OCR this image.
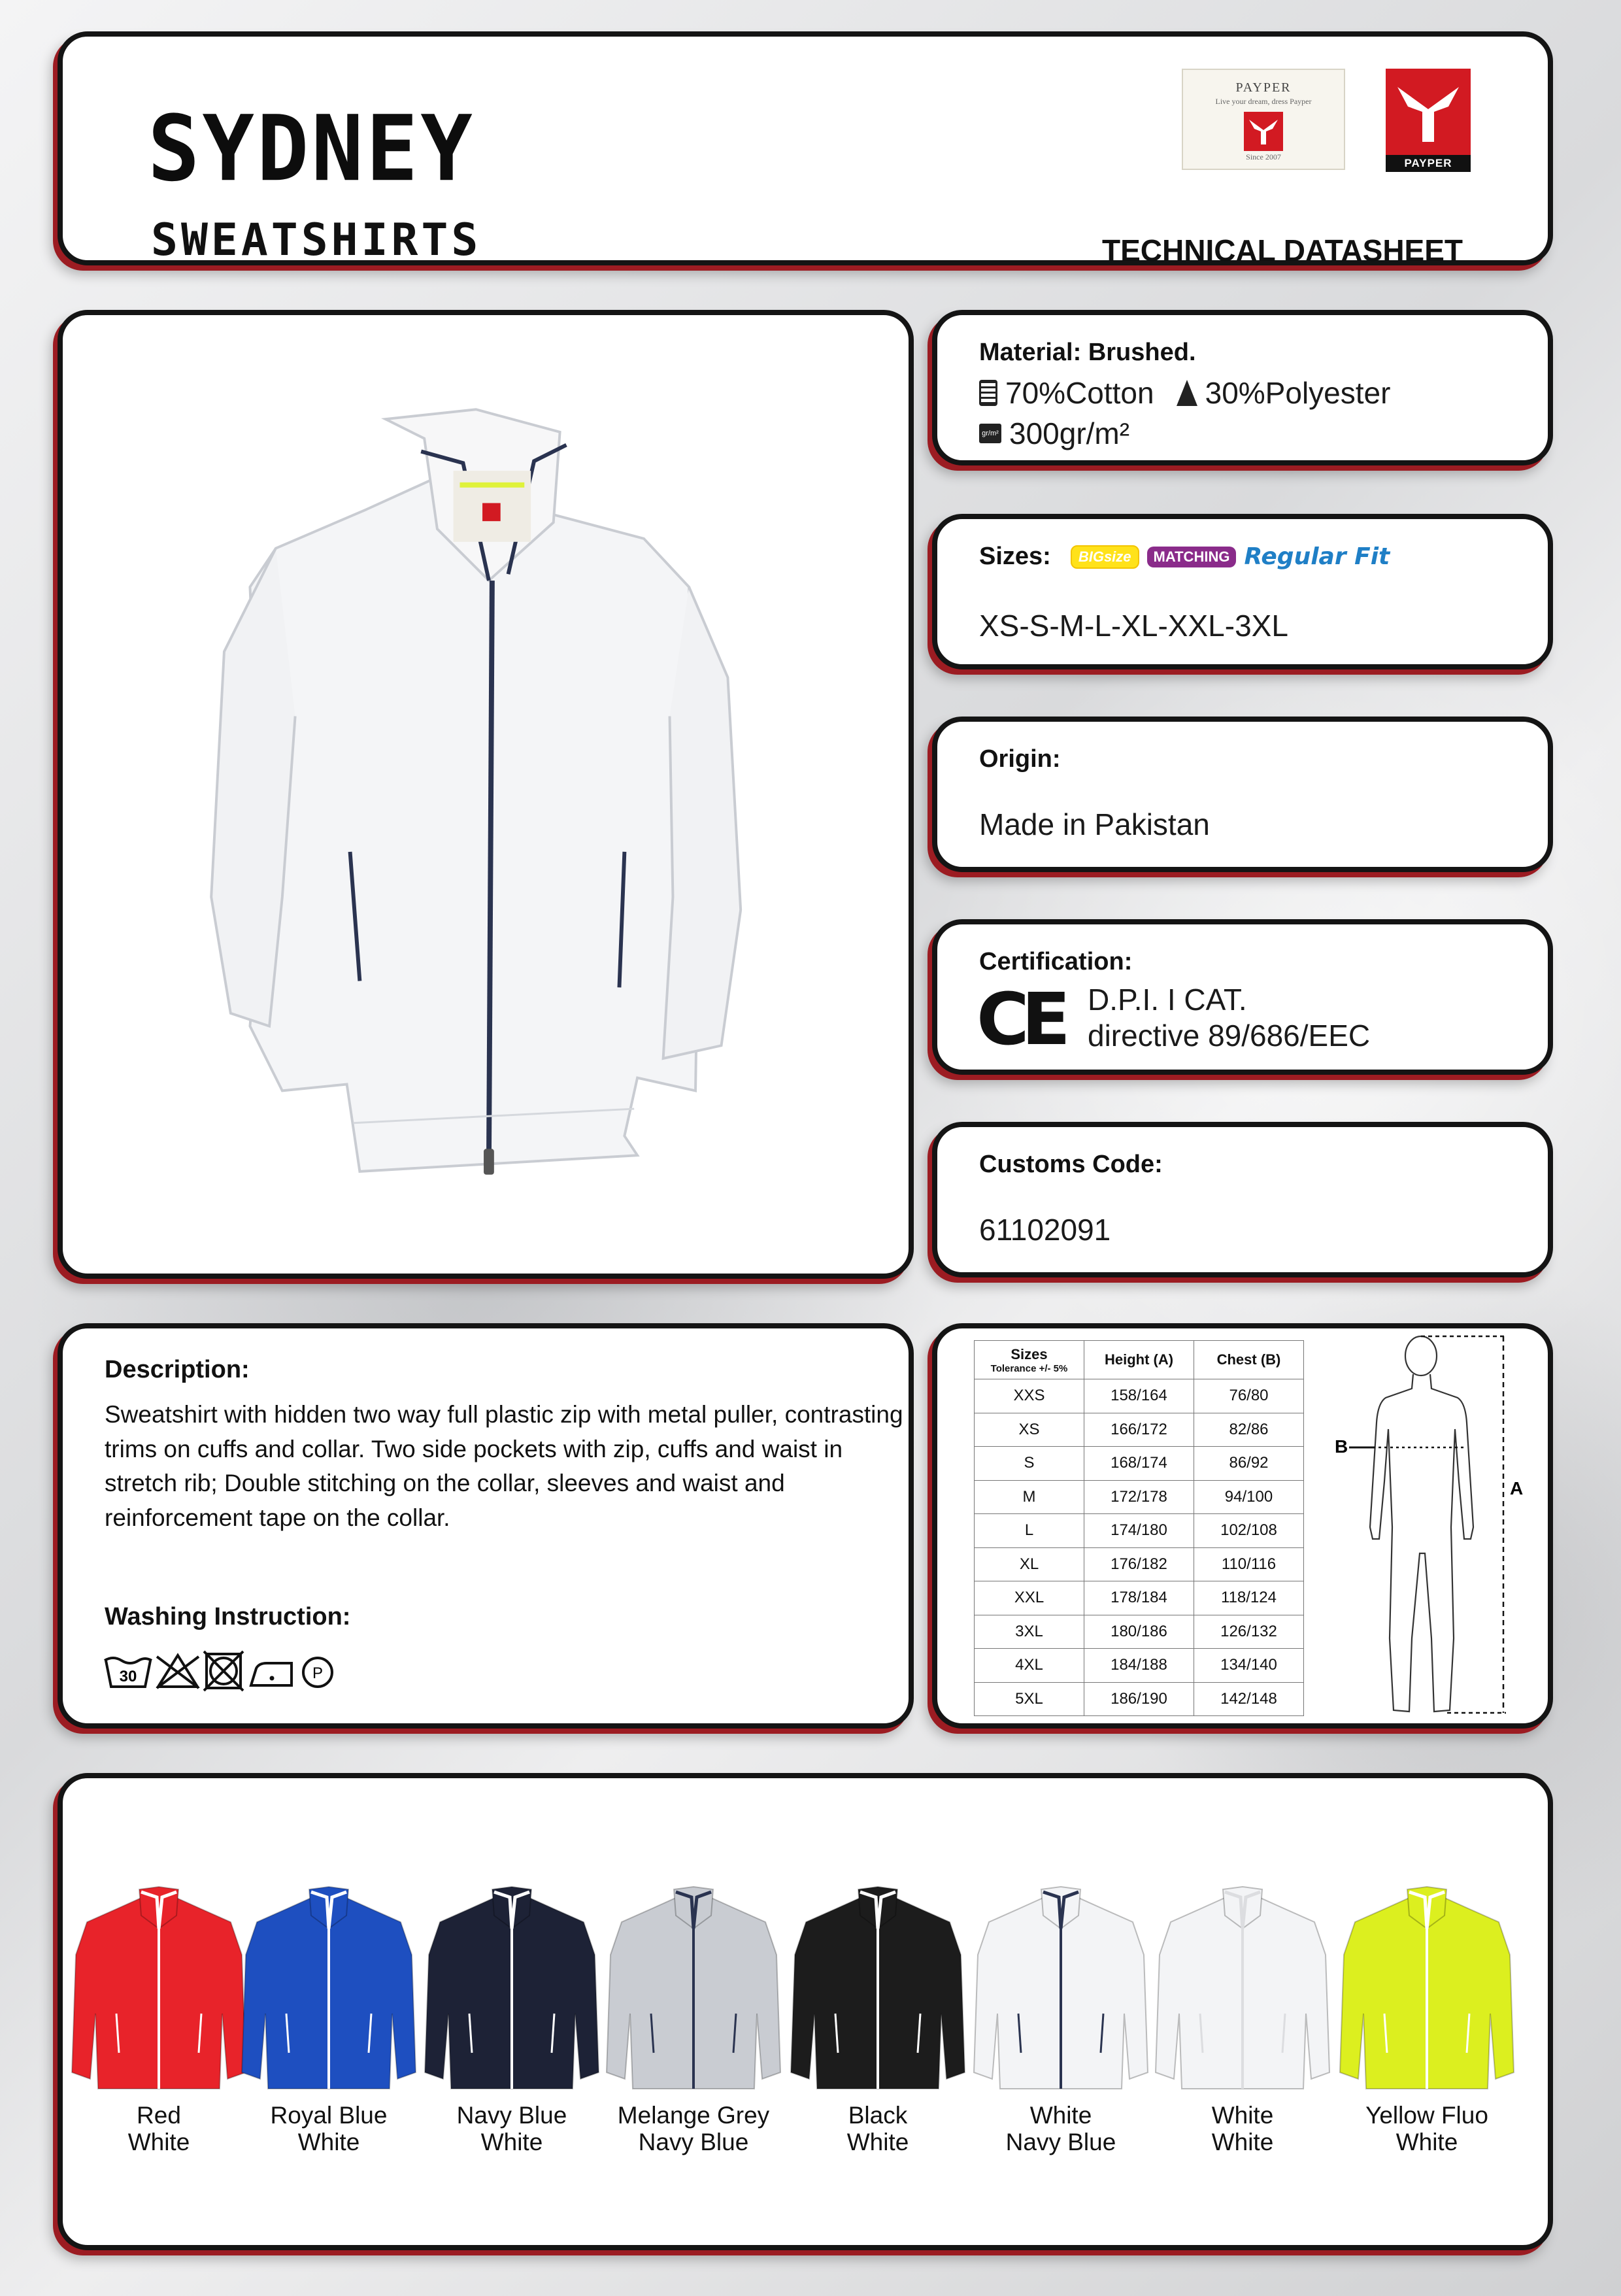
SYDNEY
SWEATSHIRTS	TECHNICAL DATASHEET
PAYPER
Live your dream, dress Payper
Since 2007	PAYPER
Material: Brushed.
70%Cotton 30%Polyester
gr/m² 300gr/m²
Sizes:	BIGsize	MATCHING Regular Fit
XS-S-M-L-XL-XXL-3XL
Origin:
Made in Pakistan
Certification:
CE D.P.I. I CAT.
directive 89/686/EEC
Customs Code:
61102091
Description:
Sweatshirt with hidden two way full plastic zip with metal puller, contrasting trims on cuffs and collar. Two side pockets with zip, cuffs and waist in stretch rib; Double stitching on the collar, sleeves and waist and reinforcement tape on the collar.
Washing Instruction:
30	P
Sizes
Tolerance +/- 5%	Height (A)	Chest (B)
XXS	158/164	76/80
XS	166/172	82/86
S	168/174	86/92
M	172/178	94/100
L	174/180	102/108
XL	176/182	110/116
XXL	178/184	118/124
3XL	180/186	126/132
4XL	184/188	134/140
5XL	186/190	142/148
B
A
Red
White
Royal Blue
White
Navy Blue
White
Melange Grey
Navy Blue
Black
White
White
Navy Blue
White
White
Yellow Fluo
White
